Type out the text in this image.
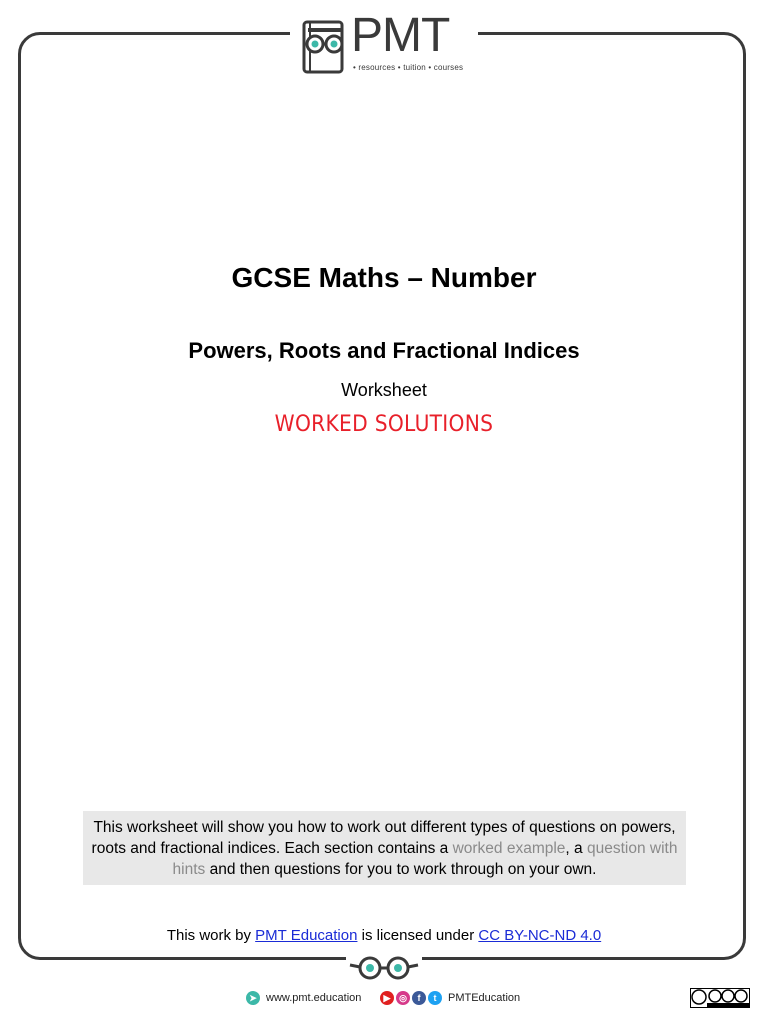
PMT
• resources • tuition • courses
GCSE Maths – Number
Powers, Roots and Fractional Indices
Worksheet
WORKED SOLUTIONS
This worksheet will show you how to work out different types of questions on powers, roots and fractional indices. Each section contains a worked example, a question with hints and then questions for you to work through on your own.
This work by PMT Education is licensed under CC BY-NC-ND 4.0
➤ www.pmt.education	▶ ◎	f	t	PMTEducation
